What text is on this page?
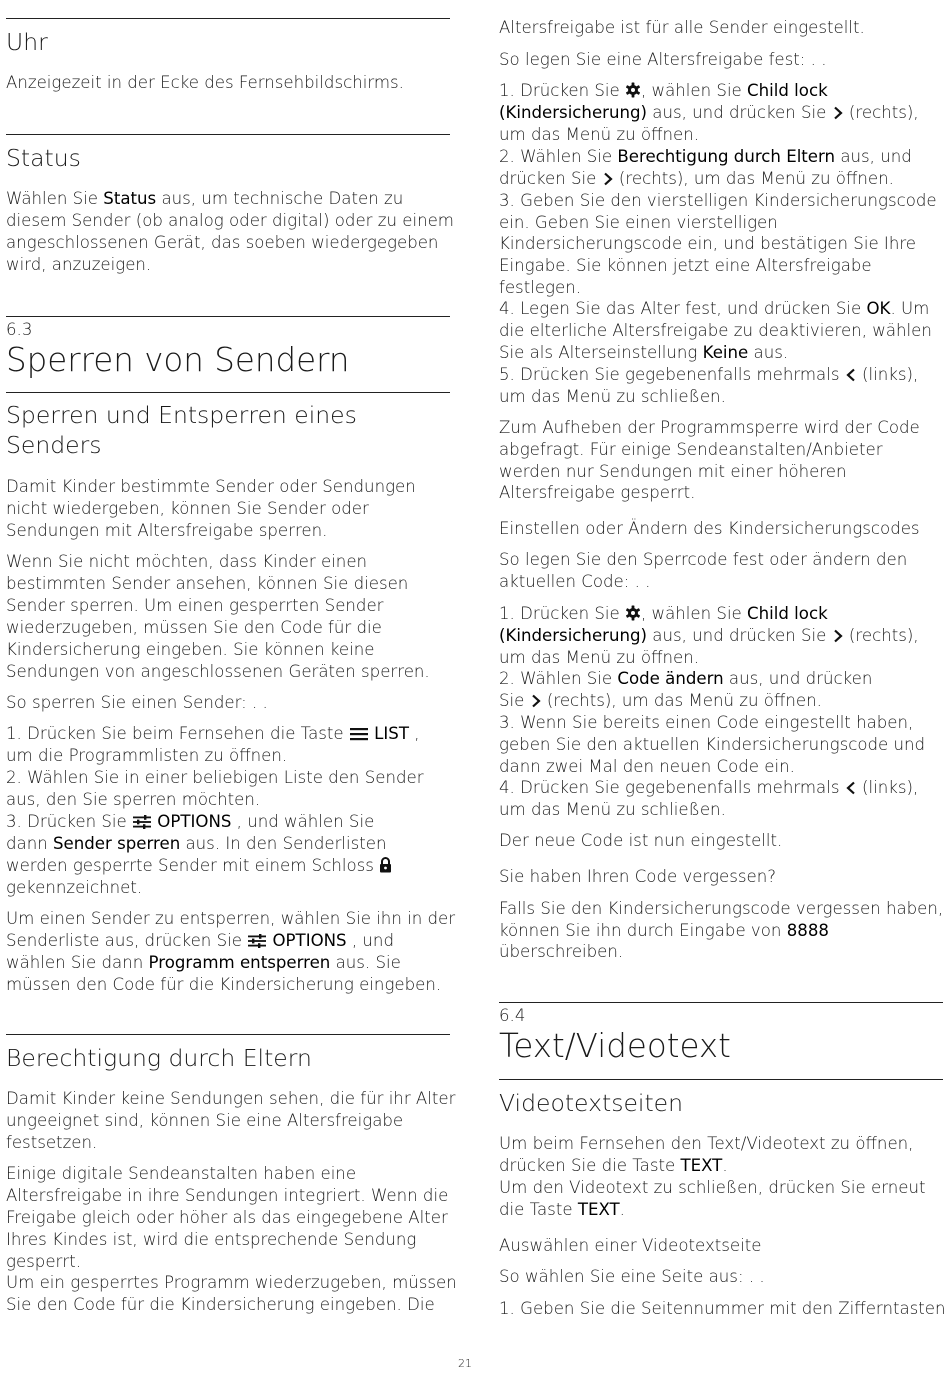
Uhr
Anzeigezeit in der Ecke des Fernsehbildschirms.
Status
Wählen Sie Status aus, um technische Daten zu
diesem Sender (ob analog oder digital) oder zu einem
angeschlossenen Gerät, das soeben wiedergegeben
wird, anzuzeigen.
6.3
Sperren von Sendern
Sperren und Entsperren eines
Senders
Damit Kinder bestimmte Sender oder Sendungen
nicht wiedergeben, können Sie Sender oder
Sendungen mit Altersfreigabe sperren.
Wenn Sie nicht möchten, dass Kinder einen
bestimmten Sender ansehen, können Sie diesen
Sender sperren. Um einen gesperrten Sender
wiederzugeben, müssen Sie den Code für die
Kindersicherung eingeben. Sie können keine
Sendungen von angeschlossenen Geräten sperren.
So sperren Sie einen Sender: . .
1. Drücken Sie beim Fernsehen die Taste  LIST ,
um die Programmlisten zu öffnen.
2. Wählen Sie in einer beliebigen Liste den Sender
aus, den Sie sperren möchten.
3. Drücken Sie  OPTIONS , und wählen Sie
dann Sender sperren aus. In den Senderlisten
werden gesperrte Sender mit einem Schloss
gekennzeichnet.
Um einen Sender zu entsperren, wählen Sie ihn in der
Senderliste aus, drücken Sie  OPTIONS , und
wählen Sie dann Programm entsperren aus. Sie
müssen den Code für die Kindersicherung eingeben.
Berechtigung durch Eltern
Damit Kinder keine Sendungen sehen, die für ihr Alter
ungeeignet sind, können Sie eine Altersfreigabe
festsetzen.
Einige digitale Sendeanstalten haben eine
Altersfreigabe in ihre Sendungen integriert. Wenn die
Freigabe gleich oder höher als das eingegebene Alter
Ihres Kindes ist, wird die entsprechende Sendung
gesperrt.
Um ein gesperrtes Programm wiederzugeben, müssen
Sie den Code für die Kindersicherung eingeben. Die
Altersfreigabe ist für alle Sender eingestellt.
So legen Sie eine Altersfreigabe fest: . .
1. Drücken Sie , wählen Sie Child lock
(Kindersicherung) aus, und drücken Sie  (rechts),
um das Menü zu öffnen.
2. Wählen Sie Berechtigung durch Eltern aus, und
drücken Sie  (rechts), um das Menü zu öffnen.
3. Geben Sie den vierstelligen Kindersicherungscode
ein. Geben Sie einen vierstelligen
Kindersicherungscode ein, und bestätigen Sie Ihre
Eingabe. Sie können jetzt eine Altersfreigabe
festlegen.
4. Legen Sie das Alter fest, und drücken Sie OK. Um
die elterliche Altersfreigabe zu deaktivieren, wählen
Sie als Alterseinstellung Keine aus.
5. Drücken Sie gegebenenfalls mehrmals  (links),
um das Menü zu schließen.
Zum Aufheben der Programmsperre wird der Code
abgefragt. Für einige Sendeanstalten/Anbieter
werden nur Sendungen mit einer höheren
Altersfreigabe gesperrt.
Einstellen oder Ändern des Kindersicherungscodes
So legen Sie den Sperrcode fest oder ändern den
aktuellen Code: . .
1. Drücken Sie , wählen Sie Child lock
(Kindersicherung) aus, und drücken Sie  (rechts),
um das Menü zu öffnen.
2. Wählen Sie Code ändern aus, und drücken
Sie  (rechts), um das Menü zu öffnen.
3. Wenn Sie bereits einen Code eingestellt haben,
geben Sie den aktuellen Kindersicherungscode und
dann zwei Mal den neuen Code ein.
4. Drücken Sie gegebenenfalls mehrmals  (links),
um das Menü zu schließen.
Der neue Code ist nun eingestellt.
Sie haben Ihren Code vergessen?
Falls Sie den Kindersicherungscode vergessen haben,
können Sie ihn durch Eingabe von 8888
überschreiben.
6.4
Text/Videotext
Videotextseiten
Um beim Fernsehen den Text/Videotext zu öffnen,
drücken Sie die Taste TEXT.
Um den Videotext zu schließen, drücken Sie erneut
die Taste TEXT.
Auswählen einer Videotextseite
So wählen Sie eine Seite aus: . .
1. Geben Sie die Seitennummer mit den Zifferntasten
21
